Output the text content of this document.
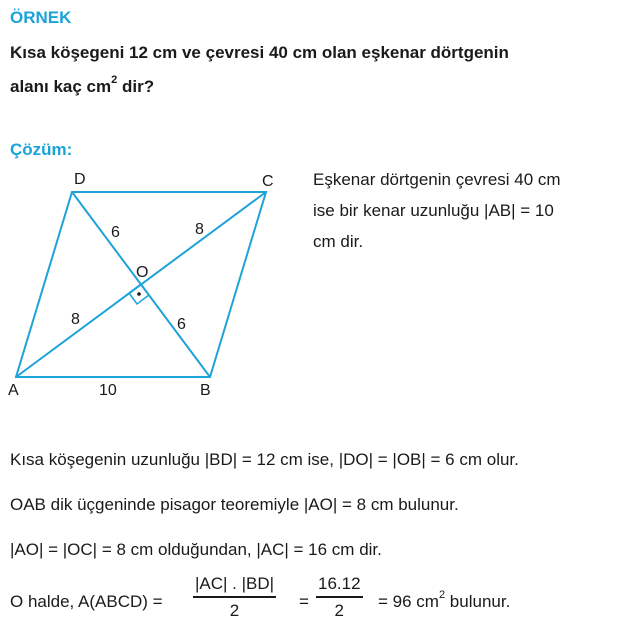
ÖRNEK
Kısa köşegeni 12 cm ve çevresi 40 cm olan eşkenar dörtgenin
alanı kaç $cm^2$ dir?
Çözüm:
D	C
A	B
O
6	8
8	6
10
Eşkenar dörtgenin çevresi 40 cm
ise bir kenar uzunluğu |AB| = 10
cm dir.
Kısa köşegenin uzunluğu |BD| = 12 cm ise, |DO| = |OB| = 6 cm olur.
OAB dik üçgeninde pisagor teoremiyle |AO| = 8 cm bulunur.
|AO| = |OC| = 8 cm olduğundan, |AC| = 16 cm dir.
O halde, A(ABCD) =
|AC| . |BD|
2	=
16.12
2	= 96 $cm^2$ bulunur.
